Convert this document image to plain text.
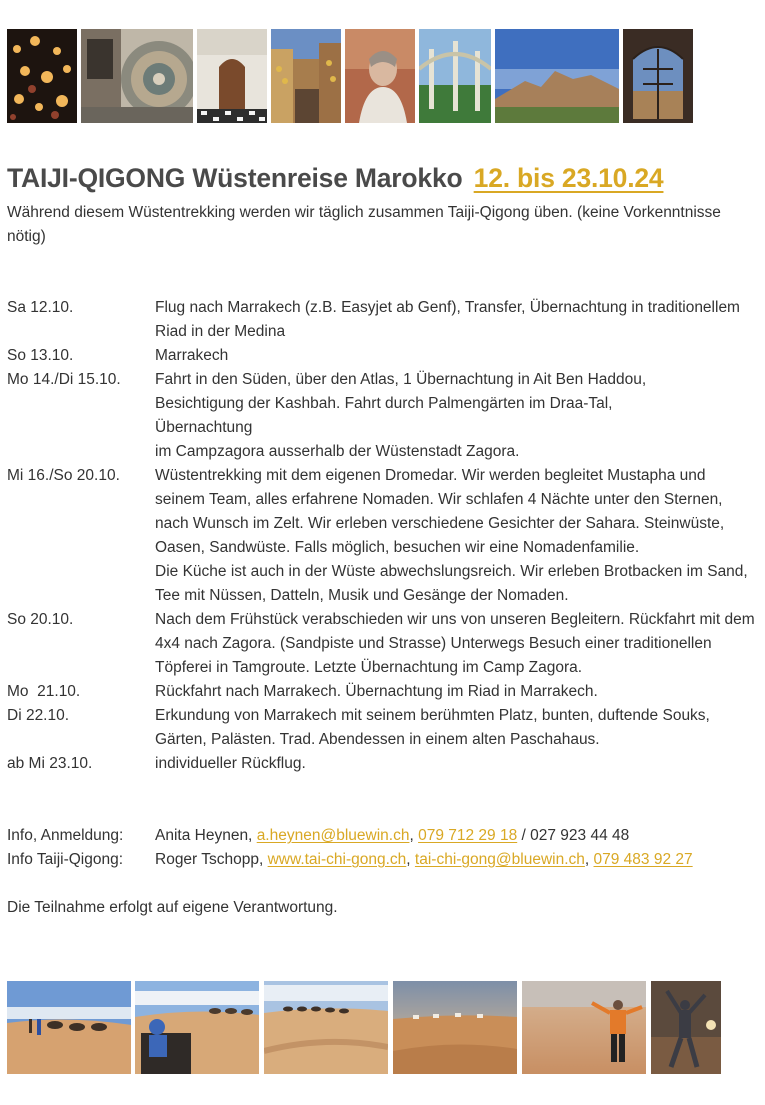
TAIJI-QIGONG Wüstenreise Marokko 12. bis 23.10.24

Während diesem Wüstentrekking werden wir täglich zusammen Taiji-Qigong üben. (keine Vorkenntnisse nötig)

Sa 12.10.	Flug nach Marrakech (z.B. Easyjet ab Genf), Transfer, Übernachtung in traditionellem Riad in der Medina

So 13.10.	Marrakech

Mo 14./Di 15.10.	Fahrt in den Süden, über den Atlas, 1 Übernachtung in Ait Ben Haddou, Besichtigung der Kashbah. Fahrt durch Palmengärten im Draa-Tal, Übernachtung

im Campzagora ausserhalb der Wüstenstadt Zagora.

Mi 16./So 20.10.	Wüstentrekking mit dem eigenen Dromedar. Wir werden begleitet Mustapha und seinem Team, alles erfahrene Nomaden. Wir schlafen 4 Nächte unter den Sternen, nach Wunsch im Zelt. Wir erleben verschiedene Gesichter der Sahara. Steinwüste, Oasen, Sandwüste. Falls möglich, besuchen wir eine Nomadenfamilie.

Die Küche ist auch in der Wüste abwechslungsreich. Wir erleben Brotbacken im Sand, Tee mit Nüssen, Datteln, Musik und Gesänge der Nomaden.

So 20.10.	Nach dem Frühstück verabschieden wir uns von unseren Begleitern. Rückfahrt mit dem 4x4 nach Zagora. (Sandpiste und Strasse) Unterwegs Besuch einer traditionellen Töpferei in Tamgroute. Letzte Übernachtung im Camp Zagora.

Mo  21.10.	Rückfahrt nach Marrakech. Übernachtung im Riad in Marrakech.

Di 22.10.	Erkundung von Marrakech mit seinem berühmten Platz, bunten, duftende Souks, Gärten, Palästen. Trad. Abendessen in einem alten Paschahaus.

ab Mi 23.10.	individueller Rückflug.

Info, Anmeldung:	Anita Heynen, a.heynen@bluewin.ch, 079 712 29 18 / 027 923 44 48
Info Taiji-Qigong:	Roger Tschopp, www.tai-chi-gong.ch, tai-chi-gong@bluewin.ch, 079 483 92 27

Die Teilnahme erfolgt auf eigene Verantwortung.
